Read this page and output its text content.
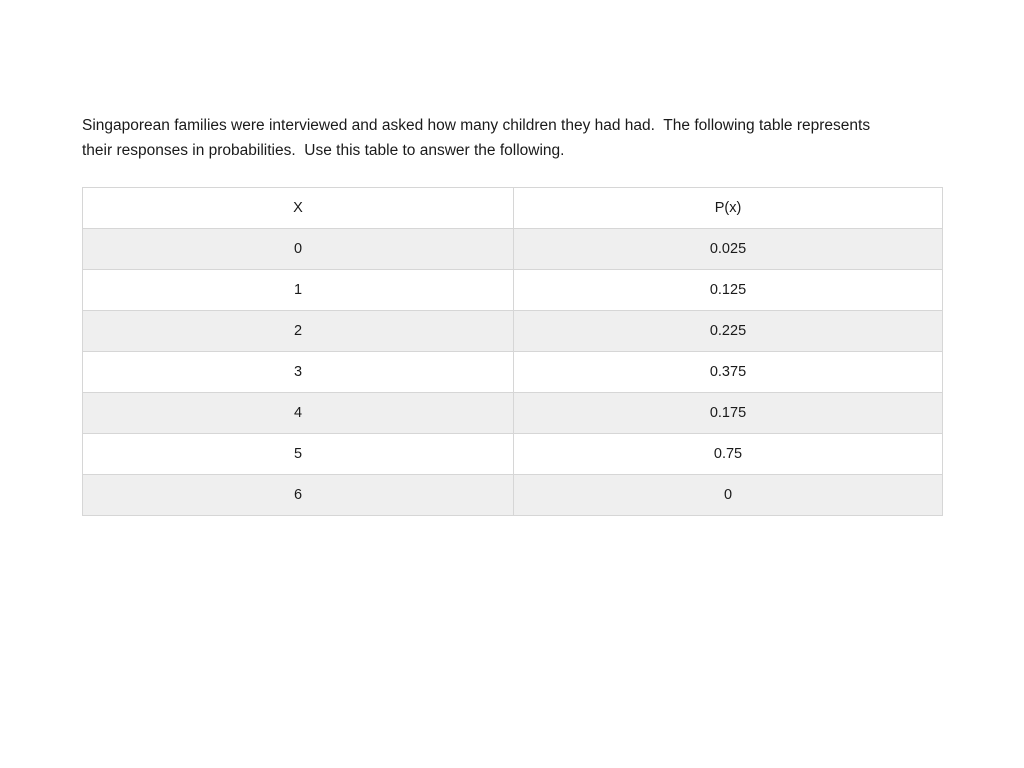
Singaporean families were interviewed and asked how many children they had had.  The following table represents their responses in probabilities.  Use this table to answer the following.
X	P(x)
0	0.025
1	0.125
2	0.225
3	0.375
4	0.175
5	0.75
6	0
